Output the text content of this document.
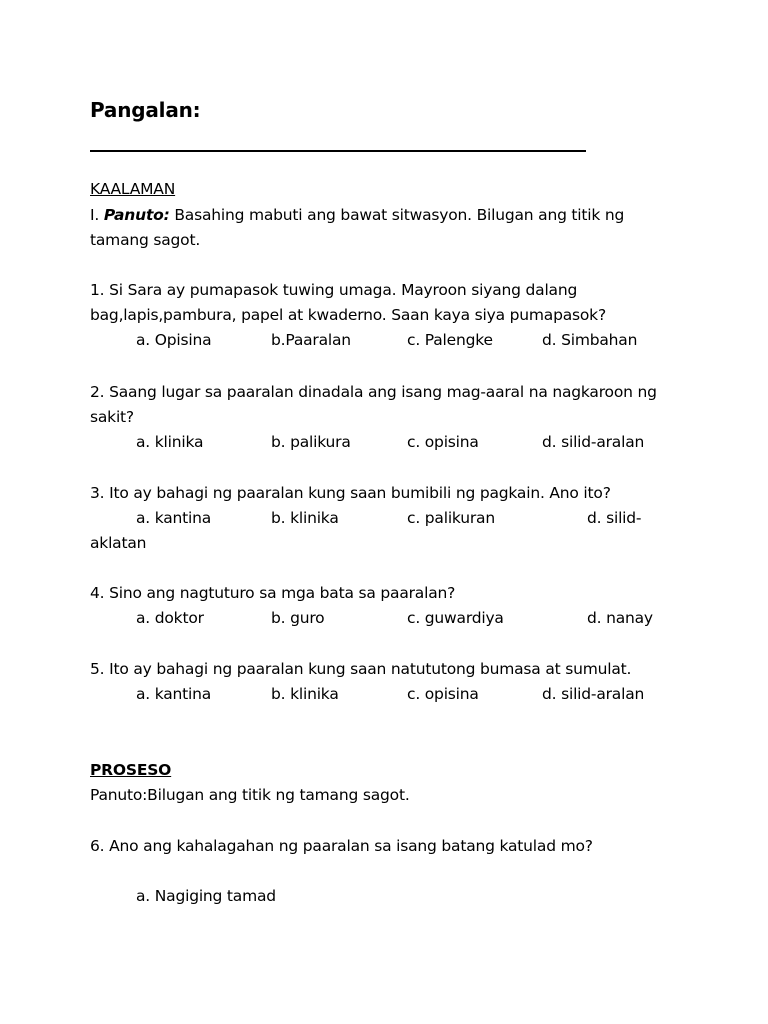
Pangalan:
KAALAMAN
I. Panuto: Basahing mabuti ang bawat sitwasyon. Bilugan ang titik ng
tamang sagot.
1. Si Sara ay pumapasok tuwing umaga. Mayroon siyang dalang
bag,lapis,pambura, papel at kwaderno. Saan kaya siya pumapasok?
a. Opisina	b.Paaralan	c. Palengke	d. Simbahan
2. Saang lugar sa paaralan dinadala ang isang mag-aaral na nagkaroon ng
sakit?
a. klinika	b. palikura	c. opisina	d. silid-aralan
3. Ito ay bahagi ng paaralan kung saan bumibili ng pagkain. Ano ito?
a. kantina	b. klinika	c. palikuran	d. silid-
aklatan
4. Sino ang nagtuturo sa mga bata sa paaralan?
a. doktor	b. guro	c. guwardiya	d. nanay
5. Ito ay bahagi ng paaralan kung saan natututong bumasa at sumulat.
a. kantina	b. klinika	c. opisina	d. silid-aralan
PROSESO
Panuto:Bilugan ang titik ng tamang sagot.
6. Ano ang kahalagahan ng paaralan sa isang batang katulad mo?
a. Nagiging tamad
